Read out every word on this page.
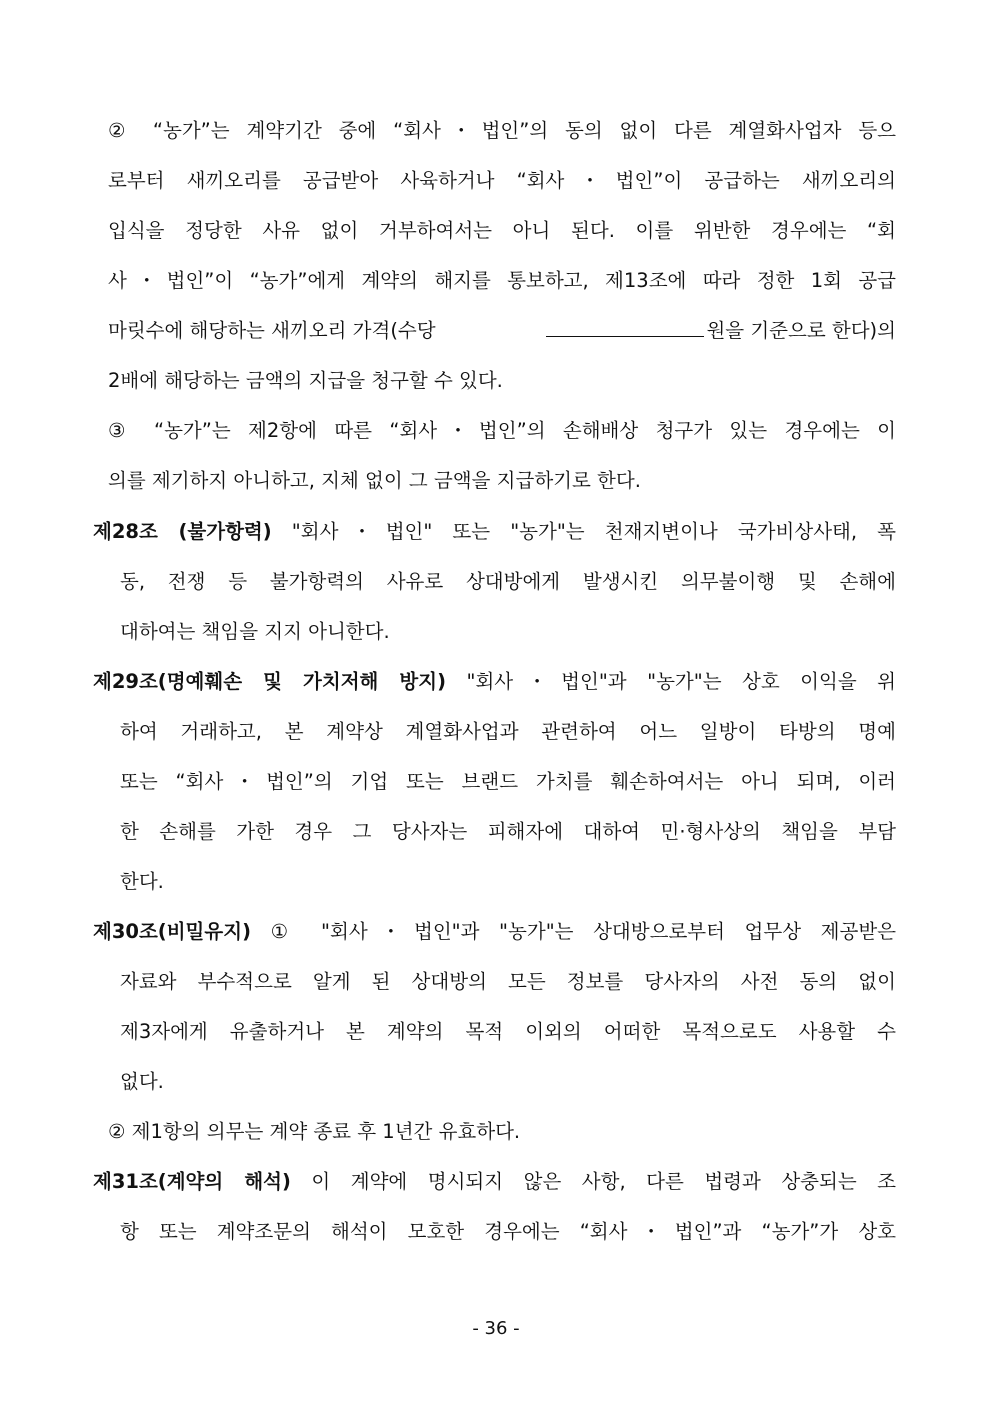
② “농가”는 계약기간 중에 “회사・법인”의 동의 없이 다른 계열화사업자 등으
로부터 새끼오리를 공급받아 사육하거나 “회사・법인”이 공급하는 새끼오리의
입식을 정당한 사유 없이 거부하여서는 아니 된다. 이를 위반한 경우에는 “회
사・법인”이 “농가”에게 계약의 해지를 통보하고, 제13조에 따라 정한 1회 공급
마릿수에 해당하는 새끼오리 가격(수당	원을 기준으로 한다)의
2배에 해당하는 금액의 지급을 청구할 수 있다.
③ “농가”는 제2항에 따른 “회사・법인”의 손해배상 청구가 있는 경우에는 이
의를 제기하지 아니하고, 지체 없이 그 금액을 지급하기로 한다.
제28조 (불가항력) "회사・법인" 또는 "농가"는 천재지변이나 국가비상사태, 폭
동, 전쟁 등 불가항력의 사유로 상대방에게 발생시킨 의무불이행 및 손해에
대하여는 책임을 지지 아니한다.
제29조(명예훼손 및 가치저해 방지) "회사・법인"과 "농가"는 상호 이익을 위
하여 거래하고, 본 계약상 계열화사업과 관련하여 어느 일방이 타방의 명예
또는 “회사・법인”의 기업 또는 브랜드 가치를 훼손하여서는 아니 되며, 이러
한 손해를 가한 경우 그 당사자는 피해자에 대하여 민·형사상의 책임을 부담
한다.
제30조(비밀유지) ① "회사・법인"과 "농가"는 상대방으로부터 업무상 제공받은
자료와 부수적으로 알게 된 상대방의 모든 정보를 당사자의 사전 동의 없이
제3자에게 유출하거나 본 계약의 목적 이외의 어떠한 목적으로도 사용할 수
없다.
② 제1항의 의무는 계약 종료 후 1년간 유효하다.
제31조(계약의 해석) 이 계약에 명시되지 않은 사항, 다른 법령과 상충되는 조
항 또는 계약조문의 해석이 모호한 경우에는 “회사・법인”과 “농가”가 상호
- 36 -
